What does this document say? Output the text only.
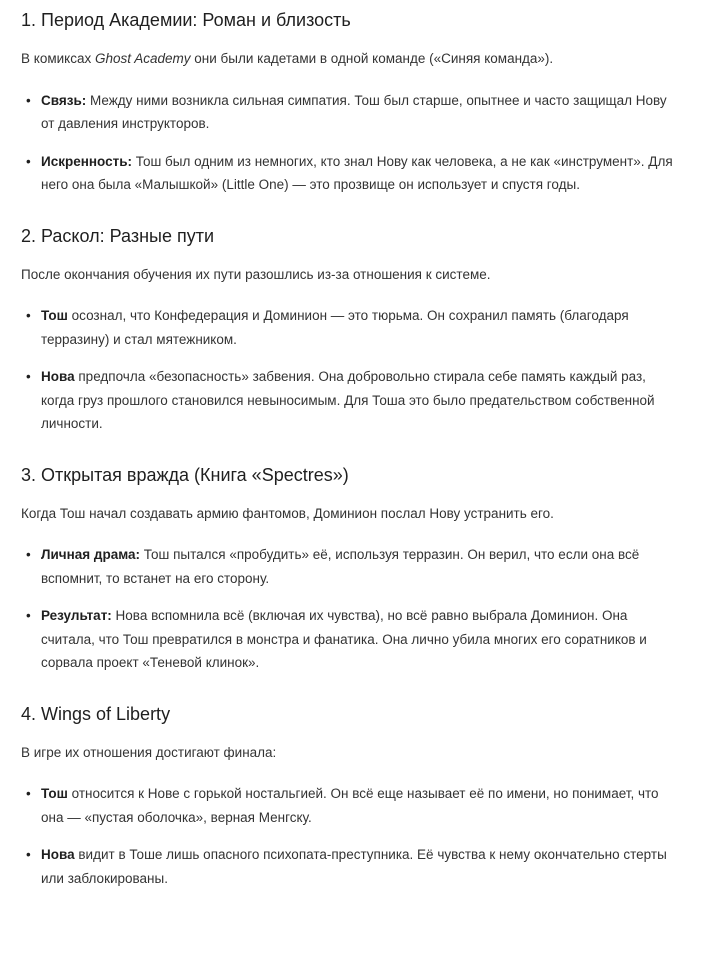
1. Период Академии: Роман и близость

В комиксах Ghost Academy они были кадетами в одной команде («Синяя команда»).

• Связь: Между ними возникла сильная симпатия. Тош был старше, опытнее и часто защищал Нову от давления инструкторов.
• Искренность: Тош был одним из немногих, кто знал Нову как человека, а не как «инструмент». Для него она была «Малышкой» (Little One) — это прозвище он использует и спустя годы.
2. Раскол: Разные пути

После окончания обучения их пути разошлись из-за отношения к системе.

• Тош осознал, что Конфедерация и Доминион — это тюрьма. Он сохранил память (благодаря терразину) и стал мятежником.
• Нова предпочла «безопасность» забвения. Она добровольно стирала себе память каждый раз, когда груз прошлого становился невыносимым. Для Тоша это было предательством собственной личности.
3. Открытая вражда (Книга «Spectres»)

Когда Тош начал создавать армию фантомов, Доминион послал Нову устранить его.

• Личная драма: Тош пытался «пробудить» её, используя терразин. Он верил, что если она всё вспомнит, то встанет на его сторону.
• Результат: Нова вспомнила всё (включая их чувства), но всё равно выбрала Доминион. Она считала, что Тош превратился в монстра и фанатика. Она лично убила многих его соратников и сорвала проект «Теневой клинок».
4. Wings of Liberty

В игре их отношения достигают финала:

• Тош относится к Нове с горькой ностальгией. Он всё еще называет её по имени, но понимает, что она — «пустая оболочка», верная Менгску.
• Нова видит в Тоше лишь опасного психопата-преступника. Её чувства к нему окончательно стерты или заблокированы.
